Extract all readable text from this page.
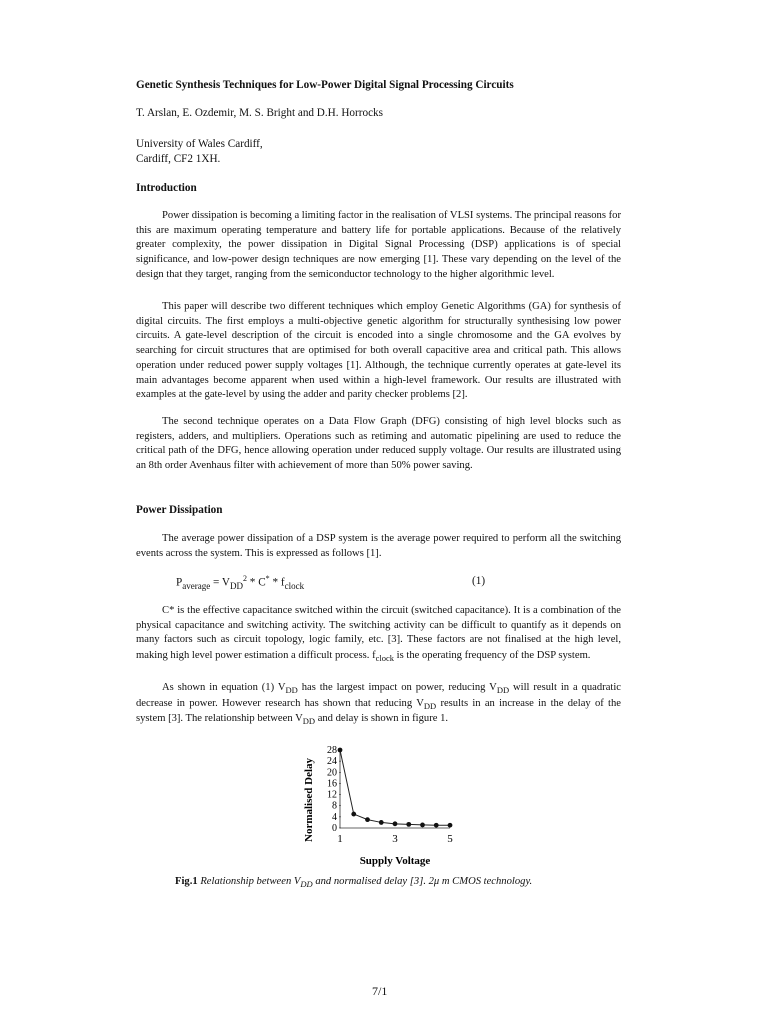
Genetic Synthesis Techniques for Low-Power Digital Signal Processing Circuits
T. Arslan, E. Ozdemir, M. S. Bright and D.H. Horrocks
University of Wales Cardiff,
Cardiff, CF2 1XH.
Introduction
Power dissipation is becoming a limiting factor in the realisation of VLSI systems. The principal reasons for this are maximum operating temperature and battery life for portable applications. Because of the relatively greater complexity, the power dissipation in Digital Signal Processing (DSP) applications is of special significance, and low-power design techniques are now emerging [1]. These vary depending on the level of the design that they target, ranging from the semiconductor technology to the higher algorithmic level.
This paper will describe two different techniques which employ Genetic Algorithms (GA) for synthesis of digital circuits. The first employs a multi-objective genetic algorithm for structurally synthesising low power circuits. A gate-level description of the circuit is encoded into a single chromosome and the GA evolves by searching for circuit structures that are optimised for both overall capacitive area and critical path. This allows operation under reduced power supply voltages [1]. Although, the technique currently operates at gate-level its main advantages become apparent when used within a high-level framework. Our results are illustrated with examples at the gate-level by using the adder and parity checker problems [2].
The second technique operates on a Data Flow Graph (DFG) consisting of high level blocks such as registers, adders, and multipliers. Operations such as retiming and automatic pipelining are used to reduce the critical path of the DFG, hence allowing operation under reduced supply voltage. Our results are illustrated using an 8th order Avenhaus filter with achievement of more than 50% power saving.
Power Dissipation
The average power dissipation of a DSP system is the average power required to perform all the switching events across the system. This is expressed as follows [1].
$P_{average} = V_{DD}^2 * C^* * f_{clock}$	(1)
C* is the effective capacitance switched within the circuit (switched capacitance). It is a combination of the physical capacitance and switching activity. The switching activity can be difficult to quantify as it depends on many factors such as circuit topology, logic family, etc. [3]. These factors are not finalised at the high level, making high level power estimation a difficult process. $f_{clock}$ is the operating frequency of the DSP system.
As shown in equation (1) $V_{DD}$ has the largest impact on power, reducing $V_{DD}$ will result in a quadratic decrease in power. However research has shown that reducing $V_{DD}$ results in an increase in the delay of the system [3]. The relationship between $V_{DD}$ and delay is shown in figure 1.
Normalised Delay 0
4
8
12
16
20
24
28
1	3	5
Supply Voltage
Fig.1 Relationship between $V_{DD}$ and normalised delay [3]. 2μ m CMOS technology.
7/1
